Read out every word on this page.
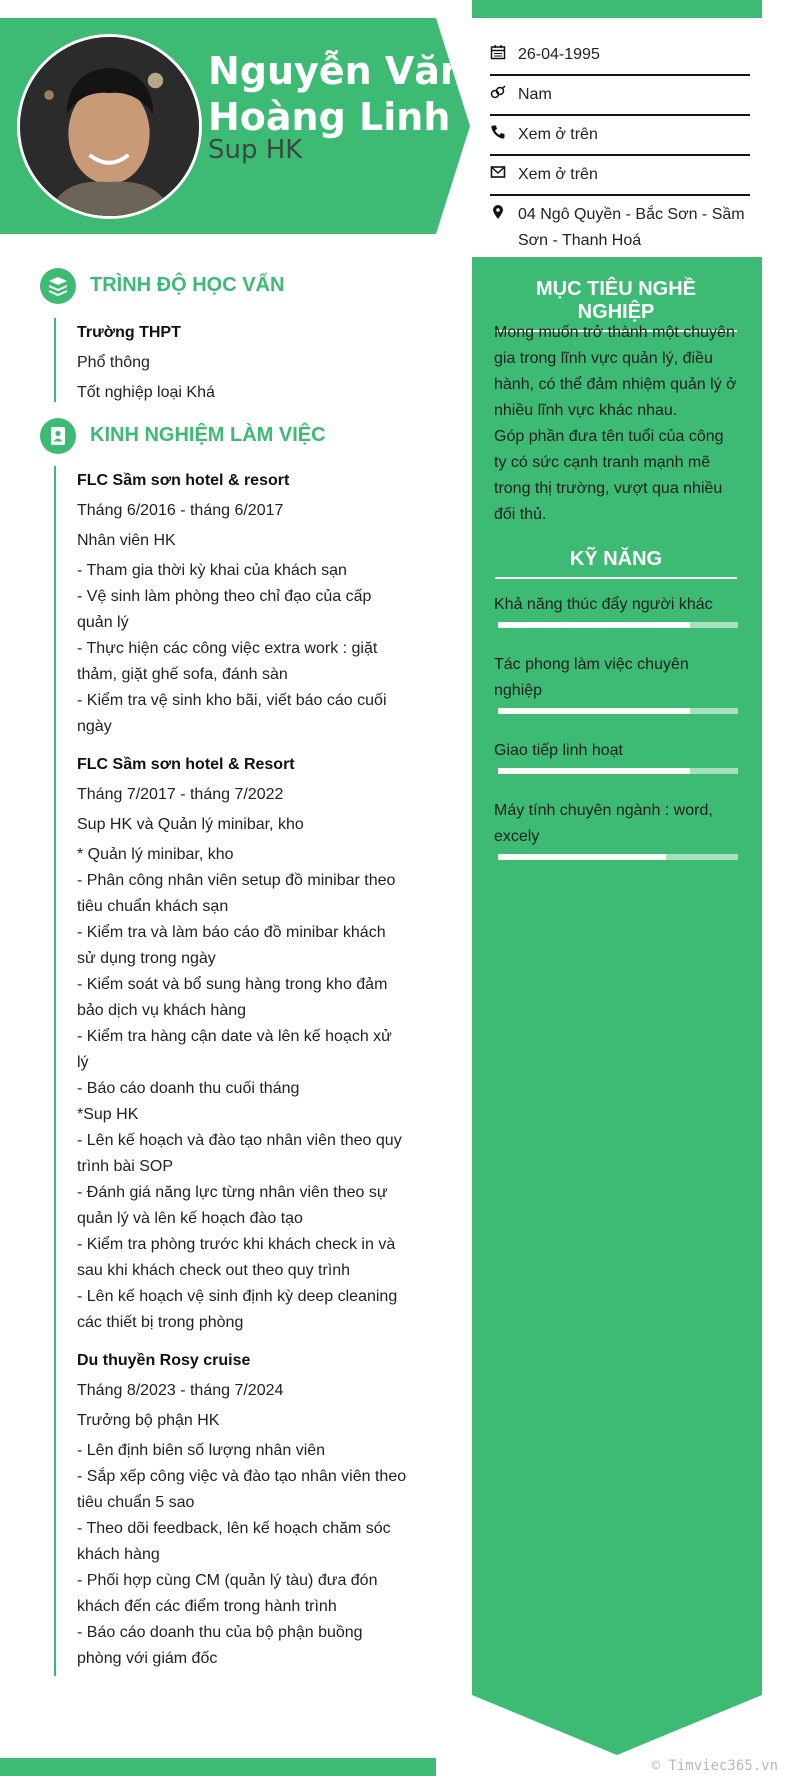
Nguyễn Văn Hoàng Linh
Sup HK
26-04-1995
Nam
Xem ở trên
Xem ở trên
04 Ngô Quyền - Bắc Sơn - Sầm Sơn - Thanh Hoá
MỤC TIÊU NGHỀ NGHIỆP
Mong muốn trở thành một chuyên gia trong lĩnh vực quản lý, điều hành, có thể đảm nhiệm quản lý ở nhiều lĩnh vực khác nhau.
Góp phần đưa tên tuổi của công ty có sức cạnh tranh mạnh mẽ trong thị trường, vượt qua nhiều đối thủ.
KỸ NĂNG
Khả năng thúc đẩy người khác
Tác phong làm việc chuyên nghiệp
Giao tiếp linh hoạt
Máy tính chuyên ngành : word, excely
TRÌNH ĐỘ HỌC VẤN
Trường THPT
Phổ thông
Tốt nghiệp loại Khá
KINH NGHIỆM LÀM VIỆC
FLC Sầm sơn hotel & resort
Tháng 6/2016 - tháng 6/2017
Nhân viên HK
- Tham gia thời kỳ khai của khách sạn
- Vệ sinh làm phòng theo chỉ đạo của cấp quản lý
- Thực hiện các công việc extra work : giặt thảm, giặt ghế sofa, đánh sàn
- Kiểm tra vệ sinh kho bãi, viết báo cáo cuối ngày
FLC Sầm sơn hotel & Resort
Tháng 7/2017 - tháng 7/2022
Sup HK và Quản lý minibar, kho
* Quản lý minibar, kho
- Phân công nhân viên setup đồ minibar theo tiêu chuẩn khách sạn
- Kiểm tra và làm báo cáo đồ minibar khách sử dụng trong ngày
- Kiểm soát và bổ sung hàng trong kho đảm bảo dịch vụ khách hàng
- Kiểm tra hàng cận date và lên kế hoạch xử lý
- Báo cáo doanh thu cuối tháng
*Sup HK
- Lên kế hoạch và đào tạo nhân viên theo quy trình bài SOP
- Đánh giá năng lực từng nhân viên theo sự quản lý và lên kế hoạch đào tạo
- Kiểm tra phòng trước khi khách check in và sau khi khách check out theo quy trình
- Lên kế hoạch vệ sinh định kỳ deep cleaning các thiết bị trong phòng
Du thuyền Rosy cruise
Tháng 8/2023 - tháng 7/2024
Trưởng bộ phận HK
- Lên định biên số lượng nhân viên
- Sắp xếp công việc và đào tạo nhân viên theo tiêu chuẩn 5 sao
- Theo dõi feedback, lên kế hoạch chăm sóc khách hàng
- Phối hợp cùng CM (quản lý tàu) đưa đón khách đến các điểm trong hành trình
- Báo cáo doanh thu của bộ phận buồng phòng với giám đốc
© Timviec365.vn
